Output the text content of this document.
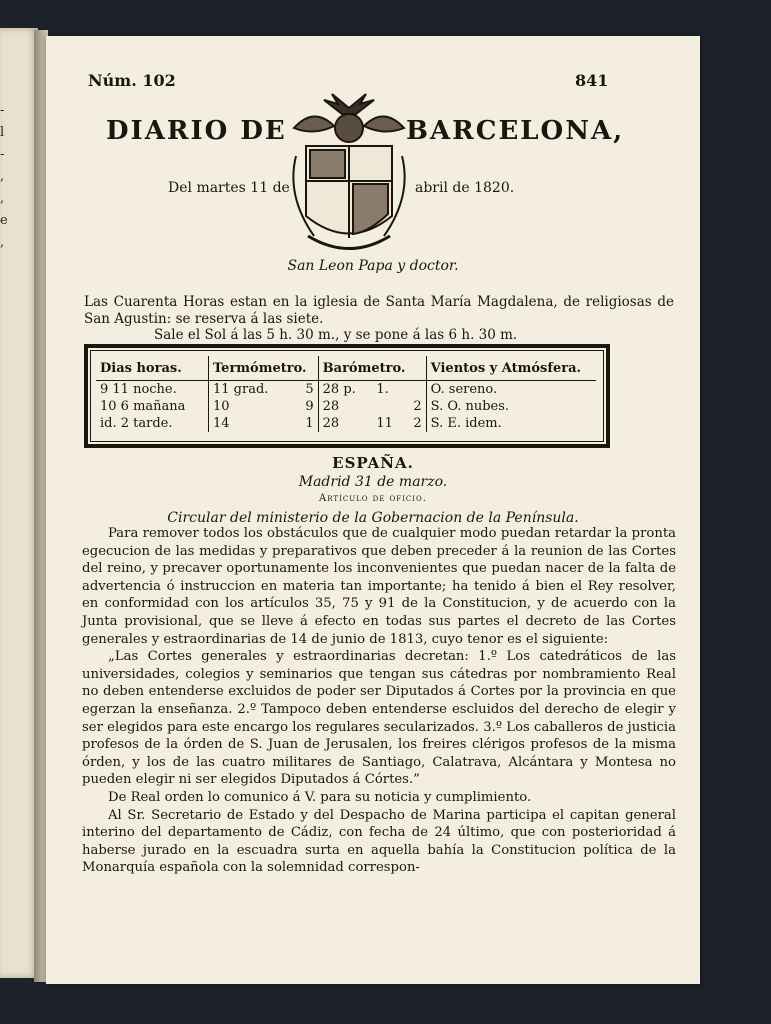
-
l
-
,
,
e
,
Núm. 102	841
DIARIO DE	BARCELONA,
Del martes 11 de	abril de 1820.
San Leon Papa y doctor.

Las Cuarenta Horas estan en la iglesia de Santa María Magdalena, de religiosas de San Agustin: se reserva á las siete.

Sale el Sol á las 5 h. 30 m., y se pone á las 6 h. 30 m.
Dias horas.	Termómetro.		Barómetro.			Vientos y Atmósfera.
9 11 noche.	11 grad.	5	28 p.	1.		O. sereno.
10 6 mañana	10	9	28		2	S. O. nubes.
id. 2 tarde.	14	1	28	11	2	S. E. idem.
ESPAÑA.
Madrid 31 de marzo.
Artículo de oficio.
Circular del ministerio de la Gobernacion de la Península.

Para remover todos los obstáculos que de cualquier modo puedan retardar la pronta egecucion de las medidas y preparativos que deben preceder á la reunion de las Cortes del reino, y precaver oportunamente los inconvenientes que puedan nacer de la falta de advertencia ó instruccion en materia tan importante; ha tenido á bien el Rey resolver, en conformidad con los artículos 35, 75 y 91 de la Constitucion, y de acuerdo con la Junta provisional, que se lleve á efecto en todas sus partes el decreto de las Cortes generales y estraordinarias de 14 de junio de 1813, cuyo tenor es el siguiente:

„Las Cortes generales y estraordinarias decretan: 1.º Los catedráticos de las universidades, colegios y seminarios que tengan sus cátedras por nombramiento Real no deben entenderse excluidos de poder ser Diputados á Cortes por la provincia en que egerzan la enseñanza. 2.º Tampoco deben entenderse escluidos del derecho de elegir y ser elegidos para este encargo los regulares secularizados. 3.º Los caballeros de justicia profesos de la órden de S. Juan de Jerusalen, los freires clérigos profesos de la misma órden, y los de las cuatro militares de Santiago, Calatrava, Alcántara y Montesa no pueden elegir ni ser elegidos Diputados á Córtes.”

De Real orden lo comunico á V. para su noticia y cumplimiento.

Al Sr. Secretario de Estado y del Despacho de Marina participa el capitan general interino del departamento de Cádiz, con fecha de 24 último, que con posterioridad á haberse jurado en la escuadra surta en aquella bahía la Constitucion política de la Monarquía española con la solemnidad correspon-
